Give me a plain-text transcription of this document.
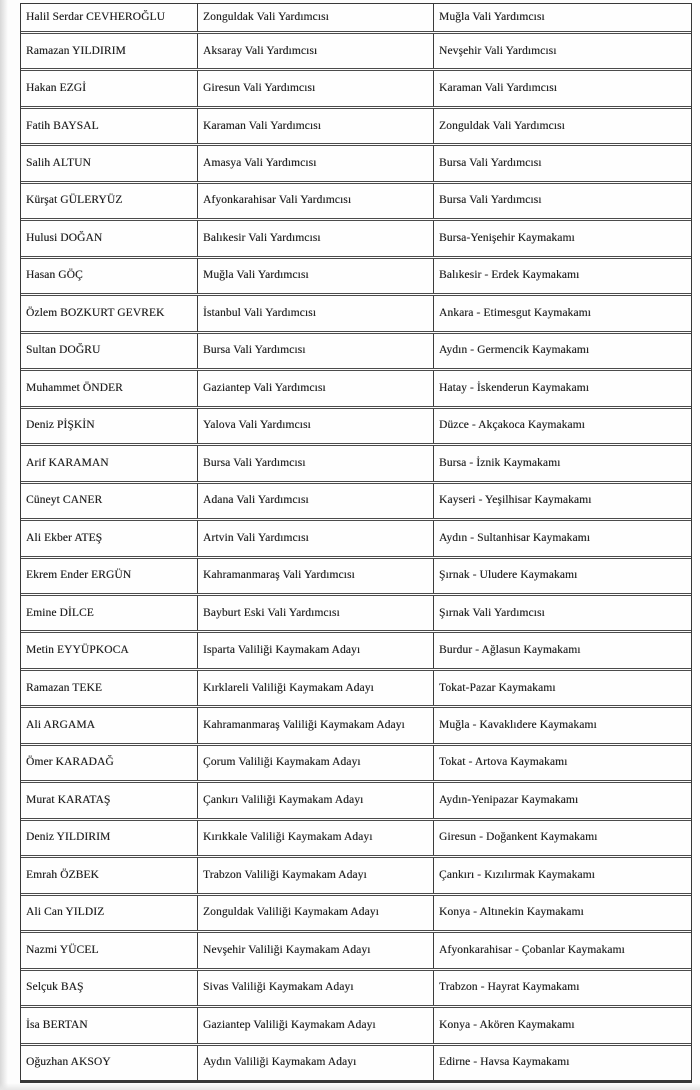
Halil Serdar CEVHEROĞLU	Zonguldak Vali Yardımcısı	Muğla Vali Yardımcısı
Ramazan YILDIRIM	Aksaray Vali Yardımcısı	Nevşehir Vali Yardımcısı
Hakan EZGİ	Giresun Vali Yardımcısı	Karaman Vali Yardımcısı
Fatih BAYSAL	Karaman Vali Yardımcısı	Zonguldak Vali Yardımcısı
Salih ALTUN	Amasya Vali Yardımcısı	Bursa Vali Yardımcısı
Kürşat GÜLERYÜZ	Afyonkarahisar Vali Yardımcısı	Bursa Vali Yardımcısı
Hulusi DOĞAN	Balıkesir Vali Yardımcısı	Bursa-Yenişehir Kaymakamı
Hasan GÖÇ	Muğla Vali Yardımcısı	Balıkesir - Erdek Kaymakamı
Özlem BOZKURT GEVREK	İstanbul Vali Yardımcısı	Ankara - Etimesgut Kaymakamı
Sultan DOĞRU	Bursa Vali Yardımcısı	Aydın - Germencik Kaymakamı
Muhammet ÖNDER	Gaziantep Vali Yardımcısı	Hatay - İskenderun Kaymakamı
Deniz PİŞKİN	Yalova Vali Yardımcısı	Düzce - Akçakoca Kaymakamı
Arif KARAMAN	Bursa Vali Yardımcısı	Bursa - İznik Kaymakamı
Cüneyt CANER	Adana Vali Yardımcısı	Kayseri - Yeşilhisar Kaymakamı
Ali Ekber ATEŞ	Artvin Vali Yardımcısı	Aydın - Sultanhisar Kaymakamı
Ekrem Ender ERGÜN	Kahramanmaraş Vali Yardımcısı	Şırnak - Uludere Kaymakamı
Emine DİLCE	Bayburt Eski Vali Yardımcısı	Şırnak Vali Yardımcısı
Metin EYYÜPKOCA	Isparta Valiliği Kaymakam Adayı	Burdur - Ağlasun Kaymakamı
Ramazan TEKE	Kırklareli Valiliği Kaymakam Adayı	Tokat-Pazar Kaymakamı
Ali ARGAMA	Kahramanmaraş Valiliği Kaymakam Adayı	Muğla - Kavaklıdere Kaymakamı
Ömer KARADAĞ	Çorum Valiliği Kaymakam Adayı	Tokat - Artova Kaymakamı
Murat KARATAŞ	Çankırı Valiliği Kaymakam Adayı	Aydın-Yenipazar Kaymakamı
Deniz YILDIRIM	Kırıkkale Valiliği Kaymakam Adayı	Giresun - Doğankent Kaymakamı
Emrah ÖZBEK	Trabzon Valiliği Kaymakam Adayı	Çankırı - Kızılırmak Kaymakamı
Ali Can YILDIZ	Zonguldak Valiliği Kaymakam Adayı	Konya - Altınekin Kaymakamı
Nazmi YÜCEL	Nevşehir Valiliği Kaymakam Adayı	Afyonkarahisar - Çobanlar Kaymakamı
Selçuk BAŞ	Sivas Valiliği Kaymakam Adayı	Trabzon - Hayrat Kaymakamı
İsa BERTAN	Gaziantep Valiliği Kaymakam Adayı	Konya - Akören Kaymakamı
Oğuzhan AKSOY	Aydın Valiliği Kaymakam Adayı	Edirne - Havsa Kaymakamı
